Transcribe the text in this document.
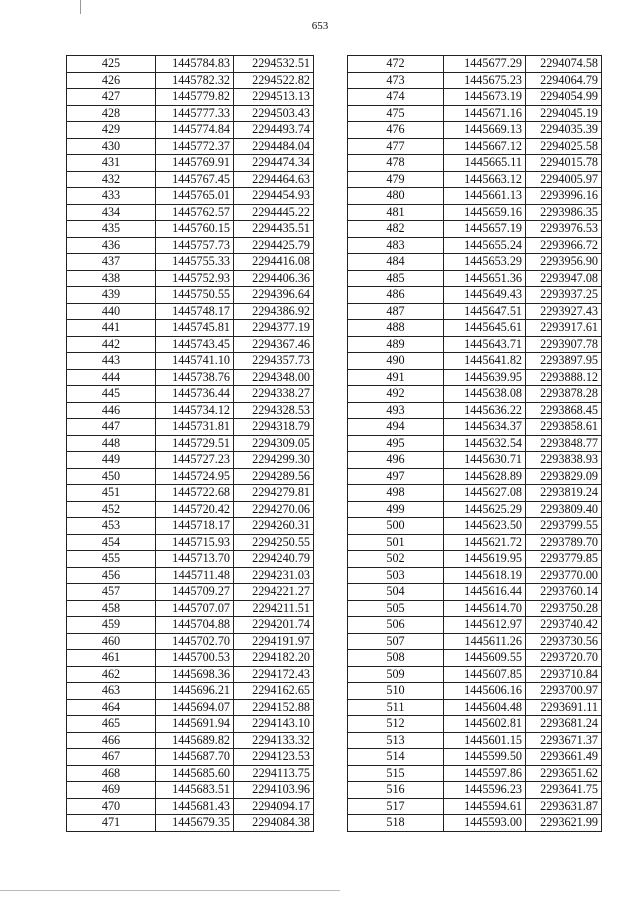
653
425	1445784.83	2294532.51
426	1445782.32	2294522.82
427	1445779.82	2294513.13
428	1445777.33	2294503.43
429	1445774.84	2294493.74
430	1445772.37	2294484.04
431	1445769.91	2294474.34
432	1445767.45	2294464.63
433	1445765.01	2294454.93
434	1445762.57	2294445.22
435	1445760.15	2294435.51
436	1445757.73	2294425.79
437	1445755.33	2294416.08
438	1445752.93	2294406.36
439	1445750.55	2294396.64
440	1445748.17	2294386.92
441	1445745.81	2294377.19
442	1445743.45	2294367.46
443	1445741.10	2294357.73
444	1445738.76	2294348.00
445	1445736.44	2294338.27
446	1445734.12	2294328.53
447	1445731.81	2294318.79
448	1445729.51	2294309.05
449	1445727.23	2294299.30
450	1445724.95	2294289.56
451	1445722.68	2294279.81
452	1445720.42	2294270.06
453	1445718.17	2294260.31
454	1445715.93	2294250.55
455	1445713.70	2294240.79
456	1445711.48	2294231.03
457	1445709.27	2294221.27
458	1445707.07	2294211.51
459	1445704.88	2294201.74
460	1445702.70	2294191.97
461	1445700.53	2294182.20
462	1445698.36	2294172.43
463	1445696.21	2294162.65
464	1445694.07	2294152.88
465	1445691.94	2294143.10
466	1445689.82	2294133.32
467	1445687.70	2294123.53
468	1445685.60	2294113.75
469	1445683.51	2294103.96
470	1445681.43	2294094.17
471	1445679.35	2294084.38
472	1445677.29	2294074.58
473	1445675.23	2294064.79
474	1445673.19	2294054.99
475	1445671.16	2294045.19
476	1445669.13	2294035.39
477	1445667.12	2294025.58
478	1445665.11	2294015.78
479	1445663.12	2294005.97
480	1445661.13	2293996.16
481	1445659.16	2293986.35
482	1445657.19	2293976.53
483	1445655.24	2293966.72
484	1445653.29	2293956.90
485	1445651.36	2293947.08
486	1445649.43	2293937.25
487	1445647.51	2293927.43
488	1445645.61	2293917.61
489	1445643.71	2293907.78
490	1445641.82	2293897.95
491	1445639.95	2293888.12
492	1445638.08	2293878.28
493	1445636.22	2293868.45
494	1445634.37	2293858.61
495	1445632.54	2293848.77
496	1445630.71	2293838.93
497	1445628.89	2293829.09
498	1445627.08	2293819.24
499	1445625.29	2293809.40
500	1445623.50	2293799.55
501	1445621.72	2293789.70
502	1445619.95	2293779.85
503	1445618.19	2293770.00
504	1445616.44	2293760.14
505	1445614.70	2293750.28
506	1445612.97	2293740.42
507	1445611.26	2293730.56
508	1445609.55	2293720.70
509	1445607.85	2293710.84
510	1445606.16	2293700.97
511	1445604.48	2293691.11
512	1445602.81	2293681.24
513	1445601.15	2293671.37
514	1445599.50	2293661.49
515	1445597.86	2293651.62
516	1445596.23	2293641.75
517	1445594.61	2293631.87
518	1445593.00	2293621.99
